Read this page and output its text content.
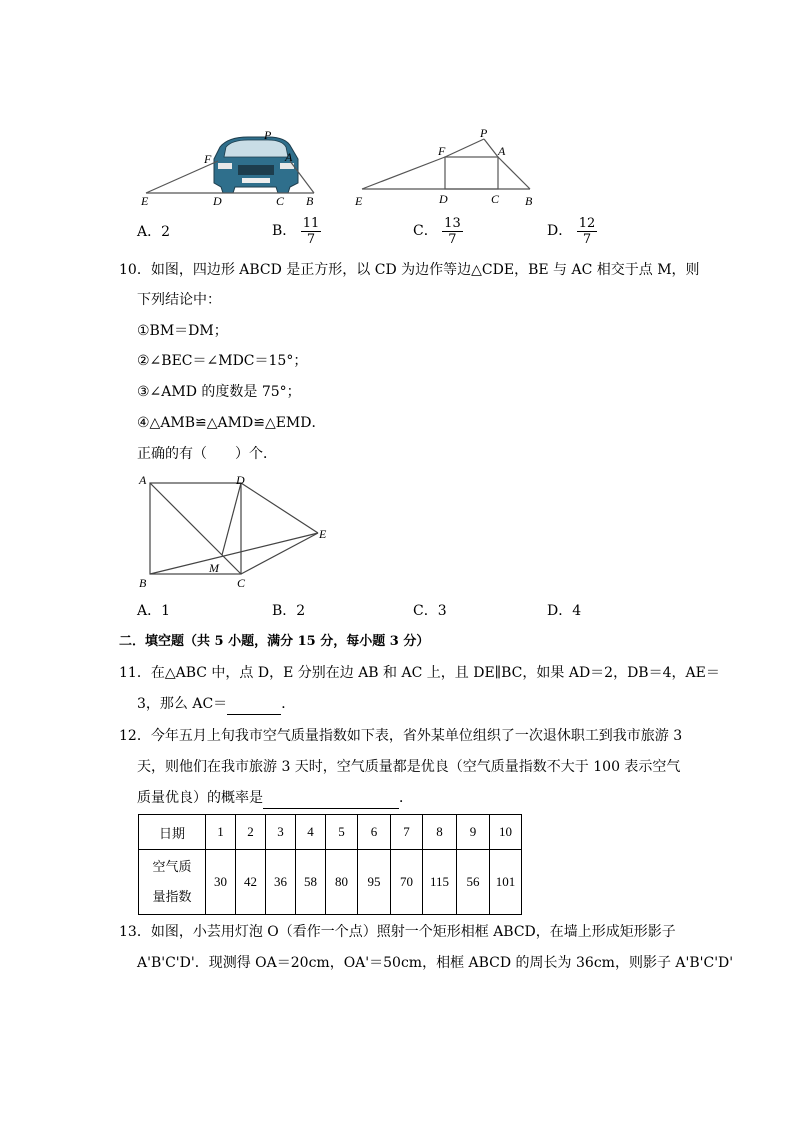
P
F	A
E	D	C B
P
F	A
E	D	C B
A．2	B． $\frac{11}{7}$	C． $\frac{13}{7}$	D． $\frac{12}{7}$
10．如图，四边形 ABCD 是正方形，以 CD 为边作等边△CDE，BE 与 AC 相交于点 M，则
下列结论中：
①BM＝DM；
②∠BEC＝∠MDC＝15°；
③∠AMD 的度数是 75°；
④△AMB≌△AMD≌△EMD．
正确的有（　　）个．
A	D
E
M
B	C
A．1	B．2	C．3	D．4
二．填空题（共 5 小题，满分 15 分，每小题 3 分）
11．在△ABC 中，点 D，E 分别在边 AB 和 AC 上，且 DE∥BC，如果 AD＝2，DB＝4，AE＝
3，那么 AC＝	．
12．今年五月上旬我市空气质量指数如下表，省外某单位组织了一次退休职工到我市旅游 3
天，则他们在我市旅游 3 天时，空气质量都是优良（空气质量指数不大于 100 表示空气
质量优良）的概率是	．
日期	1	2	3	4	5	6	7	8	9	10

空气质
量指数	30	42	36	58	80	95	70	115	56	101
13．如图，小芸用灯泡 O（看作一个点）照射一个矩形相框 ABCD，在墙上形成矩形影子
A'B'C'D'．现测得 OA＝20cm，OA'＝50cm，相框 ABCD 的周长为 36cm，则影子 A'B'C'D'
